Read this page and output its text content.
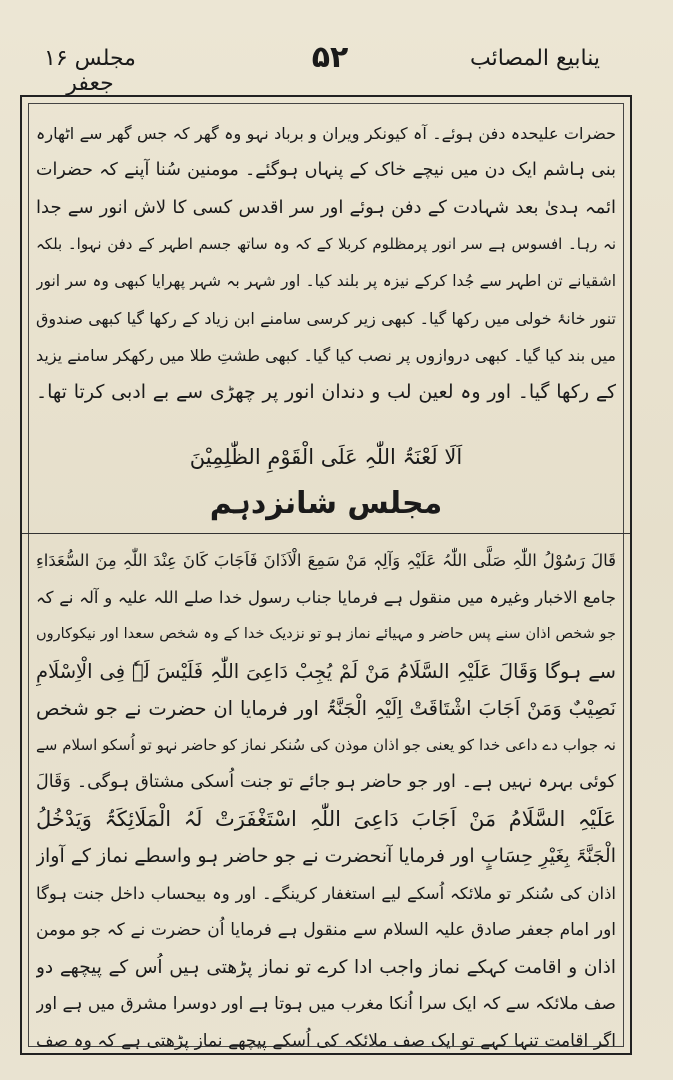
مجلس ۱۶ جعفر
۵۲	ینابیع المصائب
حضرات علیحدہ دفن ہوئے۔ آہ کیونکر ویران و برباد نہو وہ گھر کہ جس گھر سے اٹھارہ
بنی ہاشم ایک دن میں نیچے خاک کے پنہاں ہوگئے۔ مومنین سُنا آپنے کہ حضرات
ائمہ ہدیٰ بعد شہادت کے دفن ہوئے اور سر اقدس کسی کا لاش انور سے جدا
نہ رہا۔ افسوس ہے سر انور پرمظلوم کربلا کے کہ وہ ساتھ جسم اطہر کے دفن نہوا۔ بلکہ
اشقیانے تن اطہر سے جُدا کرکے نیزہ پر بلند کیا۔ اور شہر بہ شہر پھرایا کبھی وہ سر انور
تنور خانۂ خولی میں رکھا گیا۔ کبھی زیر کرسی سامنے ابن زیاد کے رکھا گیا کبھی صندوق
میں بند کیا گیا۔ کبھی دروازوں پر نصب کیا گیا۔ کبھی طشتِ طلا میں رکھکر سامنے یزید
کے رکھا گیا۔ اور وہ لعین لب و دندان انور پر چھڑی سے بے ادبی کرتا تھا۔
اَلَا لَعْنَۃُ اللّٰہِ عَلَی الْقَوْمِ الظّٰلِمِیْنَ
مجلس شانزدہم
قَالَ رَسُوْلُ اللّٰہِ صَلَّی اللّٰہُ عَلَیْہِ وَآلِہٖ مَنْ سَمِعَ الْاَذَانَ فَاَجَابَ کَانَ عِنْدَ اللّٰہِ مِنَ السُّعَدَاءِ
جامع الاخبار وغیرہ میں منقول ہے فرمایا جناب رسول خدا صلے اللہ علیہ و آلہ نے کہ
جو شخص اذان سنے پس حاضر و مہیائے نماز ہو تو نزدیک خدا کے وہ شخص سعدا اور نیکوکاروں
سے ہوگا وَقَالَ عَلَیْہِ السَّلَامُ مَنْ لَمْ یُجِبْ دَاعِیَ اللّٰہِ فَلَیْسَ لَہٗ فِی الْاِسْلَامِ
نَصِیْبٌ وَمَنْ اَجَابَ اشْتَاقَتْ اِلَیْہِ الْجَنَّۃُ اور فرمایا ان حضرت نے جو شخص
نہ جواب دے داعی خدا کو یعنی جو اذان موذن کی سُنکر نماز کو حاضر نہو تو اُسکو اسلام سے
کوئی بہرہ نہیں ہے۔ اور جو حاضر ہو جائے تو جنت اُسکی مشتاق ہوگی۔ وَقَالَ
عَلَیْہِ السَّلَامُ مَنْ اَجَابَ دَاعِیَ اللّٰہِ اسْتَغْفَرَتْ لَہُ الْمَلَائِکَۃُ وَیَدْخُلُ
الْجَنَّۃَ بِغَیْرِ حِسَابٍ اور فرمایا آنحضرت نے جو حاضر ہو واسطے نماز کے آواز
اذان کی سُنکر تو ملائکہ اُسکے لیے استغفار کرینگے۔ اور وہ بیحساب داخل جنت ہوگا
اور امام جعفر صادق علیہ السلام سے منقول ہے فرمایا اُن حضرت نے کہ جو مومن
اذان و اقامت کہکے نماز واجب ادا کرے تو نماز پڑھتی ہیں اُس کے پیچھے دو
صف ملائکہ سے کہ ایک سرا اُنکا مغرب میں ہوتا ہے اور دوسرا مشرق میں ہے اور
اگر اقامت تنہا کہے تو ایک صف ملائکہ کی اُسکے پیچھے نماز پڑھتی ہے کہ وہ صف
